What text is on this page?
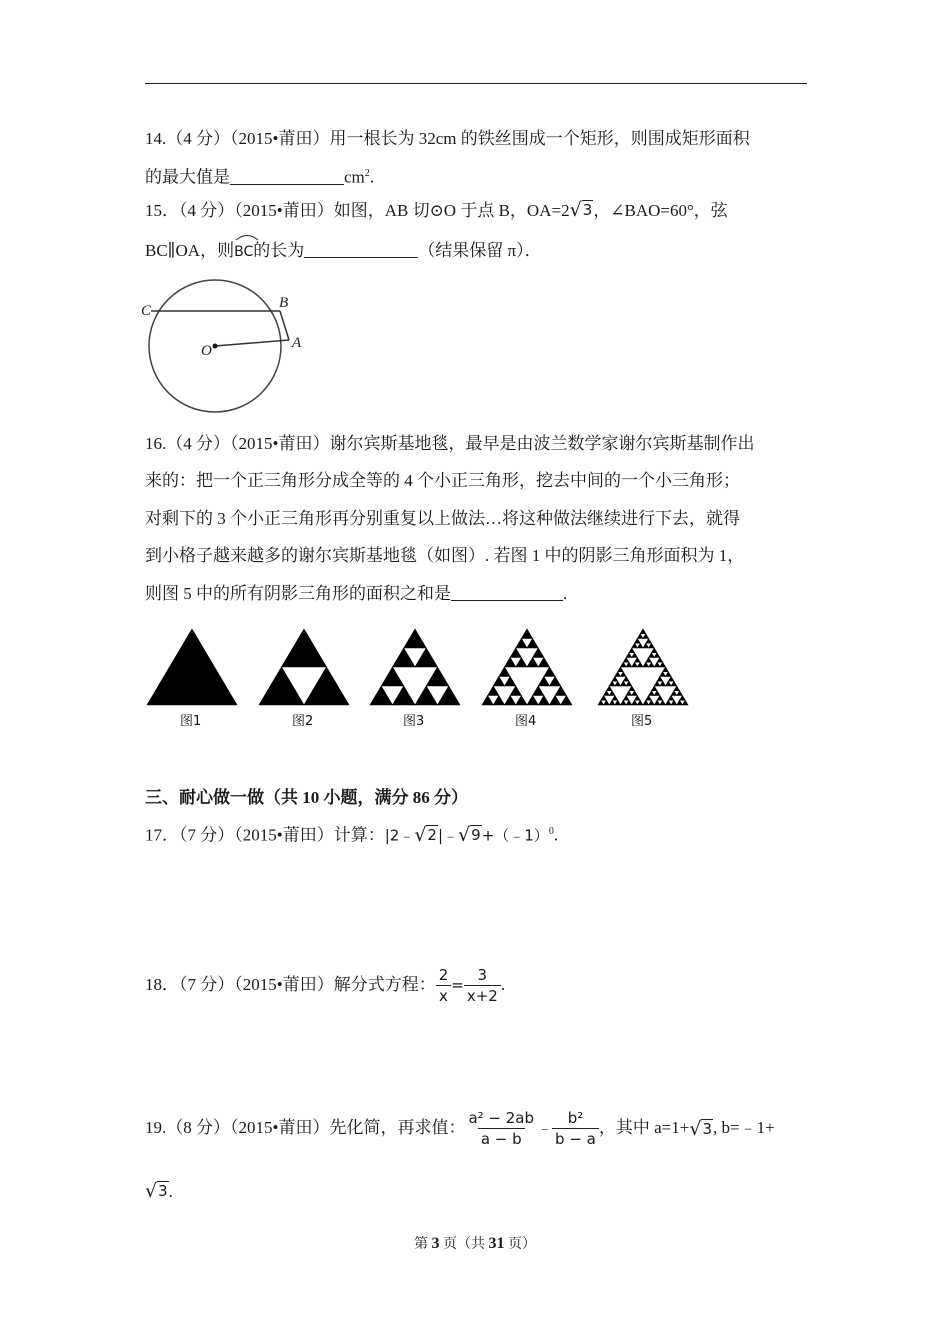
14.（4 分）（2015•莆田）用一根长为 32cm 的铁丝围成一个矩形，则围成矩形面积
的最大值是	$cm^2$.
15．（4 分）（2015•莆田）如图，AB 切⊙O 于点 B，OA=2 √ 3 ，∠BAO=60°，弦
BC∥OA，则
BC的长为	（结果保留 π）．
C	B
O	A
16.（4 分）（2015•莆田）谢尔宾斯基地毯，最早是由波兰数学家谢尔宾斯基制作出
来的：把一个正三角形分成全等的 4 个小正三角形，挖去中间的一个小三角形；
对剩下的 3 个小正三角形再分别重复以上做法…将这种做法继续进行下去，就得
到小格子越来越多的谢尔宾斯基地毯（如图）. 若图 1 中的阴影三角形面积为 1，
则图 5 中的所有阴影三角形的面积之和是	.
图1	图2	图3	图4	图5
三、耐心做一做（共 10 小题，满分 86 分）
17．（7 分）（2015•莆田）计算：|2﹣ √ 2 |﹣ √ 9 +（﹣1）$^0$.
18．（7 分）（2015•莆田）解分式方程： $\frac{2}{x} = \frac{3}{x+2}$ .
19.（8 分）（2015•莆田）先化简，再求值： $\frac{\text{a² − 2ab}}{a - b}$ ﹣ $\frac{\text{b²}}{b - a}$ ，其中 a=1+ √ 3 , b=﹣1+
√ 3 .
第 3 页（共 31 页）
